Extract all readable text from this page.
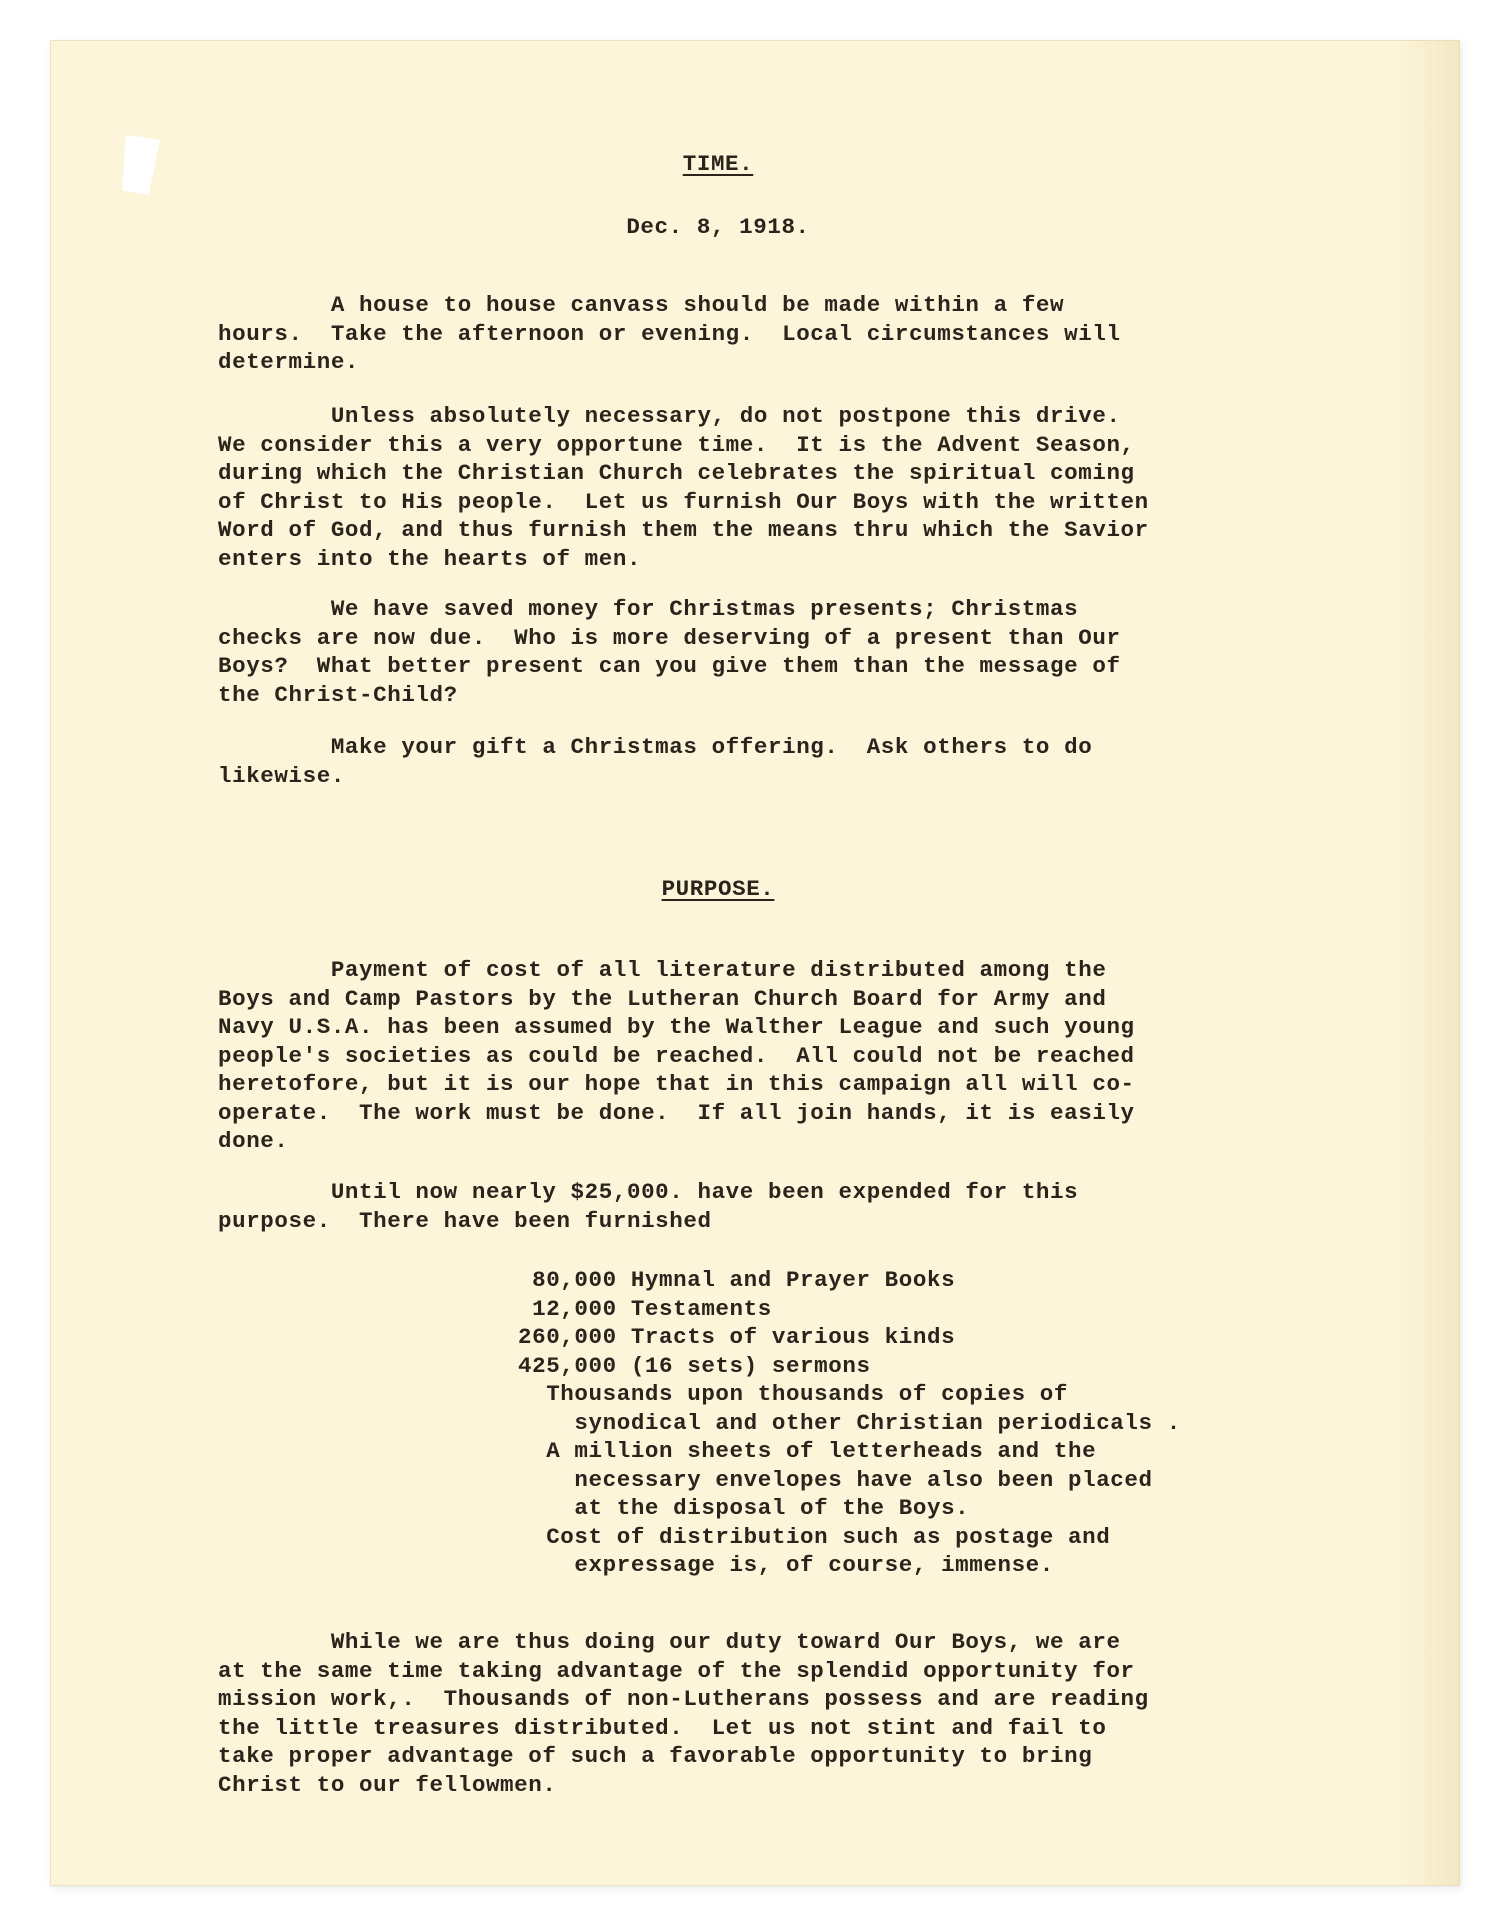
TIME.
Dec. 8, 1918.

A house to house canvass should be made within a few
hours.  Take the afternoon or evening.  Local circumstances will
determine.

Unless absolutely necessary, do not postpone this drive.
We consider this a very opportune time.  It is the Advent Season,
during which the Christian Church celebrates the spiritual coming
of Christ to His people.  Let us furnish Our Boys with the written
Word of God, and thus furnish them the means thru which the Savior
enters into the hearts of men.

We have saved money for Christmas presents; Christmas
checks are now due.  Who is more deserving of a present than Our
Boys?  What better present can you give them than the message of
the Christ-Child?

Make your gift a Christmas offering.  Ask others to do
likewise.

PURPOSE.

Payment of cost of all literature distributed among the
Boys and Camp Pastors by the Lutheran Church Board for Army and
Navy U.S.A. has been assumed by the Walther League and such young
people's societies as could be reached.  All could not be reached
heretofore, but it is our hope that in this campaign all will co-
operate.  The work must be done.  If all join hands, it is easily
done.

Until now nearly $25,000. have been expended for this
purpose.  There have been furnished

80,000 Hymnal and Prayer Books
12,000 Testaments
260,000 Tracts of various kinds
425,000 (16 sets) sermons
Thousands upon thousands of copies of
synodical and other Christian periodicals .
A million sheets of letterheads and the
necessary envelopes have also been placed
at the disposal of the Boys.
Cost of distribution such as postage and
expressage is, of course, immense.

While we are thus doing our duty toward Our Boys, we are
at the same time taking advantage of the splendid opportunity for
mission work,.  Thousands of non-Lutherans possess and are reading
the little treasures distributed.  Let us not stint and fail to
take proper advantage of such a favorable opportunity to bring
Christ to our fellowmen.
